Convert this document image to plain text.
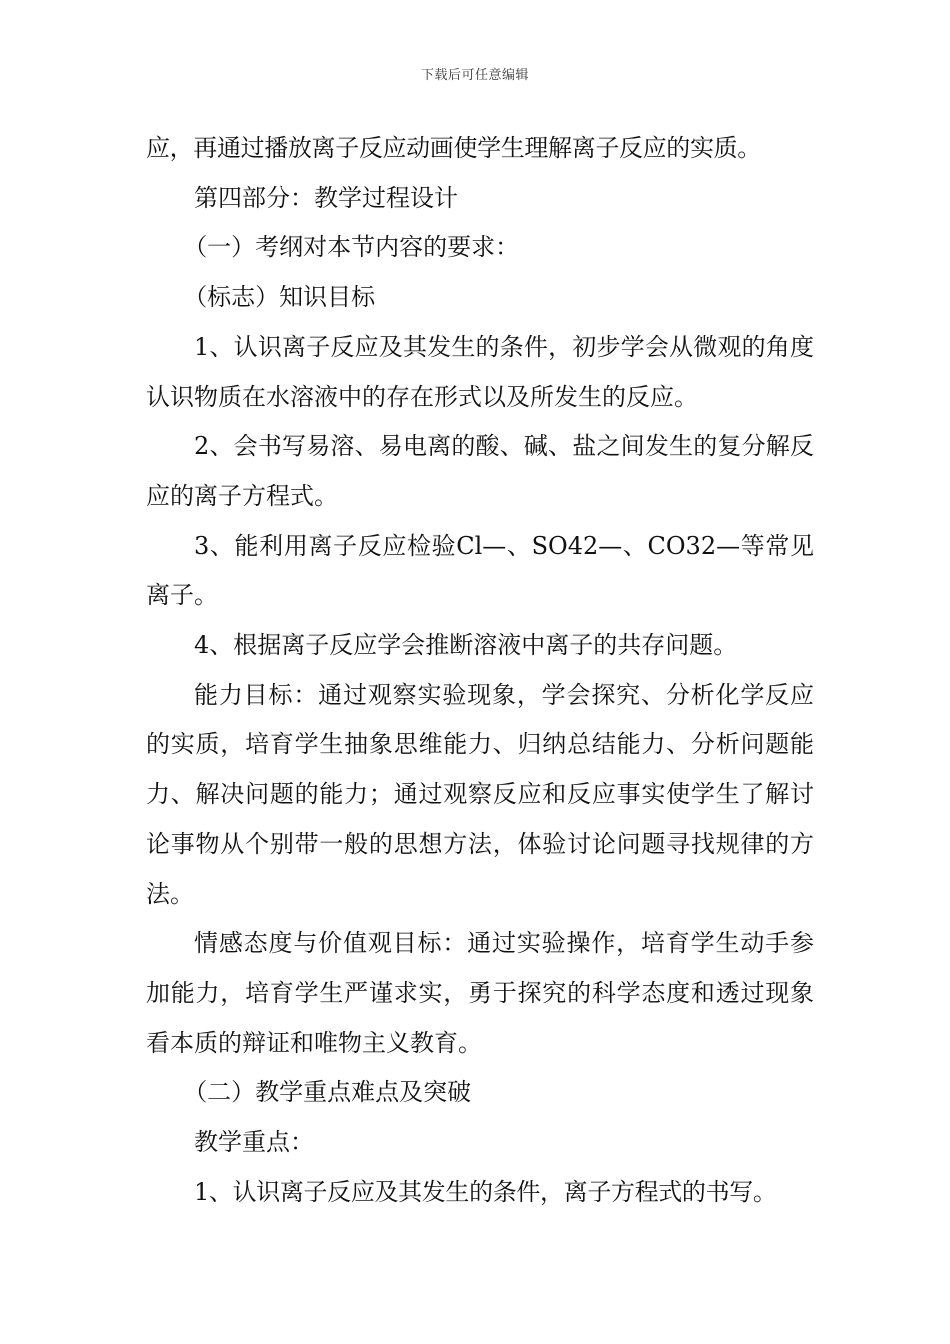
下载后可任意编辑

应，再通过播放离子反应动画使学生理解离子反应的实质。

第四部分：教学过程设计

（一）考纲对本节内容的要求：

（标志）知识目标

1、认识离子反应及其发生的条件，初步学会从微观的角度认识物质在水溶液中的存在形式以及所发生的反应。

2、会书写易溶、易电离的酸、碱、盐之间发生的复分解反应的离子方程式。

3、能利用离子反应检验Cl—、SO42—、CO32—等常见离子。

4、根据离子反应学会推断溶液中离子的共存问题。

能力目标：通过观察实验现象，学会探究、分析化学反应的实质，培育学生抽象思维能力、归纳总结能力、分析问题能力、解决问题的能力；通过观察反应和反应事实使学生了解讨论事物从个别带一般的思想方法，体验讨论问题寻找规律的方法。

情感态度与价值观目标：通过实验操作，培育学生动手参加能力，培育学生严谨求实，勇于探究的科学态度和透过现象看本质的辩证和唯物主义教育。

（二）教学重点难点及突破

教学重点：

1、认识离子反应及其发生的条件，离子方程式的书写。
